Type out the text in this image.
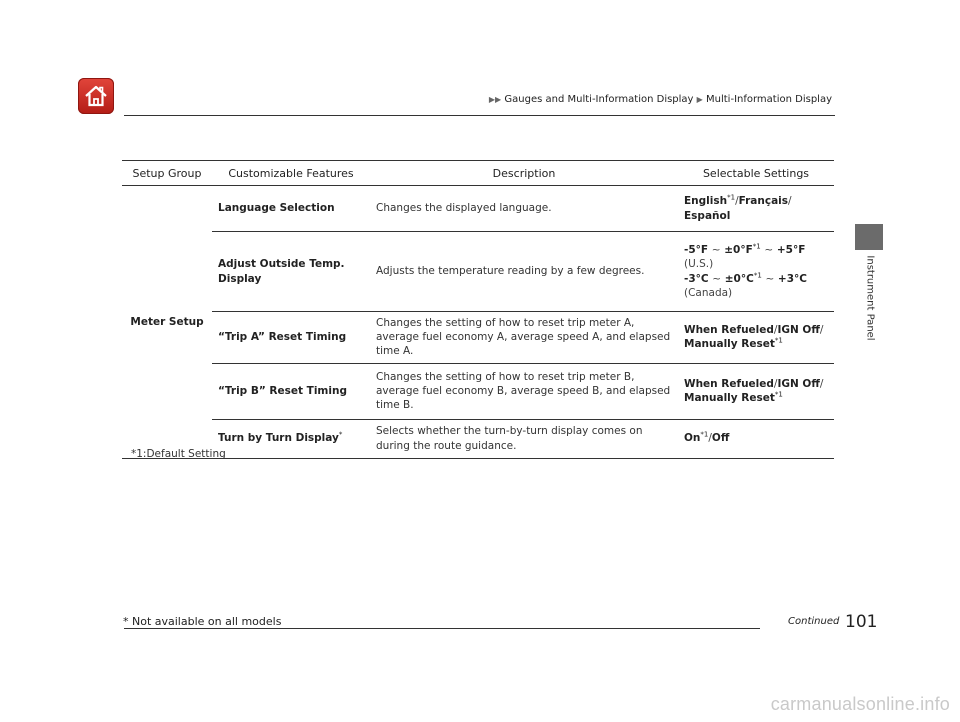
▶▶ Gauges and Multi-Information Display ▶ Multi-Information Display
Instrument Panel
Setup Group	Customizable Features	Description	Selectable Settings
Meter Setup	Language Selection	Changes the displayed language.	English$^{*1}$/Français/
Español
	Adjust Outside Temp. Display	Adjusts the temperature reading by a few degrees.	-5°F ~ $\pm 0^\circ F^{*1}$ ~ +5°F
(U.S.)
-3°C ~ $\pm 0^\circ C^{*1}$ ~ +3°C
(Canada)
	“Trip A” Reset Timing	Changes the setting of how to reset trip meter A, average fuel economy A, average speed A, and elapsed time A.	When Refueled/IGN Off/
Manually Reset$^{*1}$
	“Trip B” Reset Timing	Changes the setting of how to reset trip meter B, average fuel economy B, average speed B, and elapsed time B.	When Refueled/IGN Off/
Manually Reset$^{*1}$
	Turn by Turn Display*	Selects whether the turn-by-turn display comes on during the route guidance.	On$^{*1}$/Off
*1:Default Setting
* Not available on all models	Continued 101
carmanualsonline.info
